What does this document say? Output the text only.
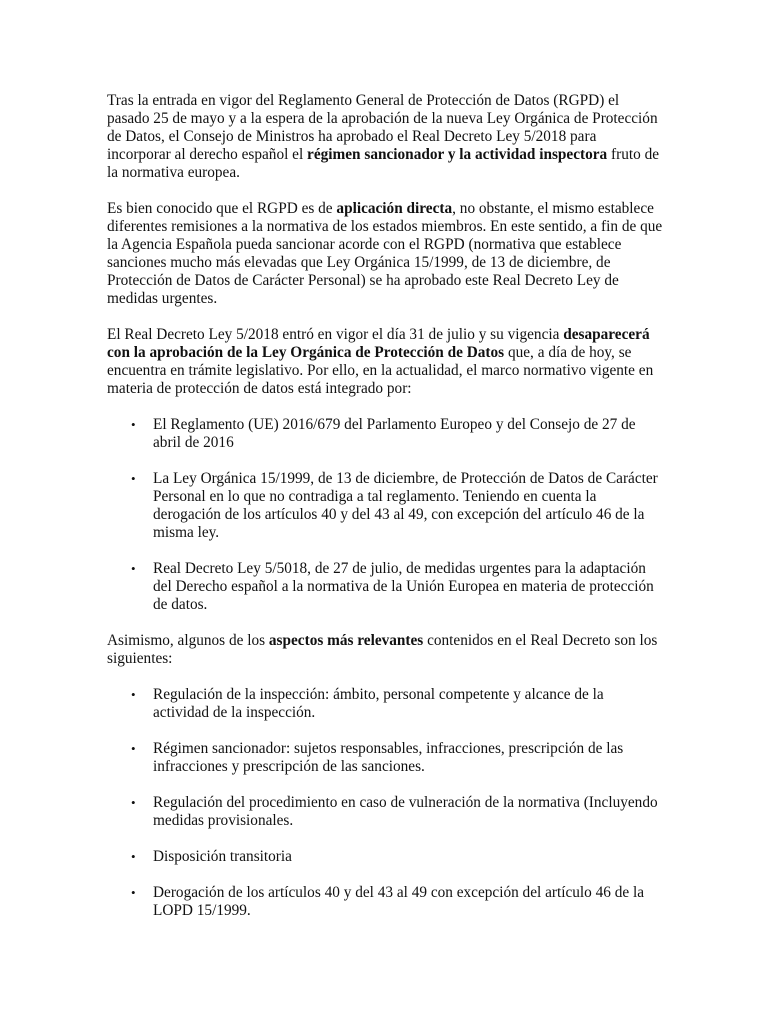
Tras la entrada en vigor del Reglamento General de Protección de Datos (RGPD) el pasado 25 de mayo y a la espera de la aprobación de la nueva Ley Orgánica de Protección de Datos, el Consejo de Ministros ha aprobado el Real Decreto Ley 5/2018 para incorporar al derecho español el régimen sancionador y la actividad inspectora fruto de la normativa europea.

Es bien conocido que el RGPD es de aplicación directa, no obstante, el mismo establece diferentes remisiones a la normativa de los estados miembros. En este sentido, a fin de que la Agencia Española pueda sancionar acorde con el RGPD (normativa que establece sanciones mucho más elevadas que Ley Orgánica 15/1999, de 13 de diciembre, de Protección de Datos de Carácter Personal) se ha aprobado este Real Decreto Ley de medidas urgentes.

El Real Decreto Ley 5/2018 entró en vigor el día 31 de julio y su vigencia desaparecerá con la aprobación de la Ley Orgánica de Protección de Datos que, a día de hoy, se encuentra en trámite legislativo. Por ello, en la actualidad, el marco normativo vigente en materia de protección de datos está integrado por:

• El Reglamento (UE) 2016/679 del Parlamento Europeo y del Consejo de 27 de abril de 2016
• La Ley Orgánica 15/1999, de 13 de diciembre, de Protección de Datos de Carácter Personal en lo que no contradiga a tal reglamento. Teniendo en cuenta la derogación de los artículos 40 y del 43 al 49, con excepción del artículo 46 de la misma ley.
• Real Decreto Ley 5/5018, de 27 de julio, de medidas urgentes para la adaptación del Derecho español a la normativa de la Unión Europea en materia de protección de datos.

Asimismo, algunos de los aspectos más relevantes contenidos en el Real Decreto son los siguientes:

• Regulación de la inspección: ámbito, personal competente y alcance de la actividad de la inspección.
• Régimen sancionador: sujetos responsables, infracciones, prescripción de las infracciones y prescripción de las sanciones.
• Regulación del procedimiento en caso de vulneración de la normativa (Incluyendo medidas provisionales.
• Disposición transitoria
• Derogación de los artículos 40 y del 43 al 49 con excepción del artículo 46 de la LOPD 15/1999.
